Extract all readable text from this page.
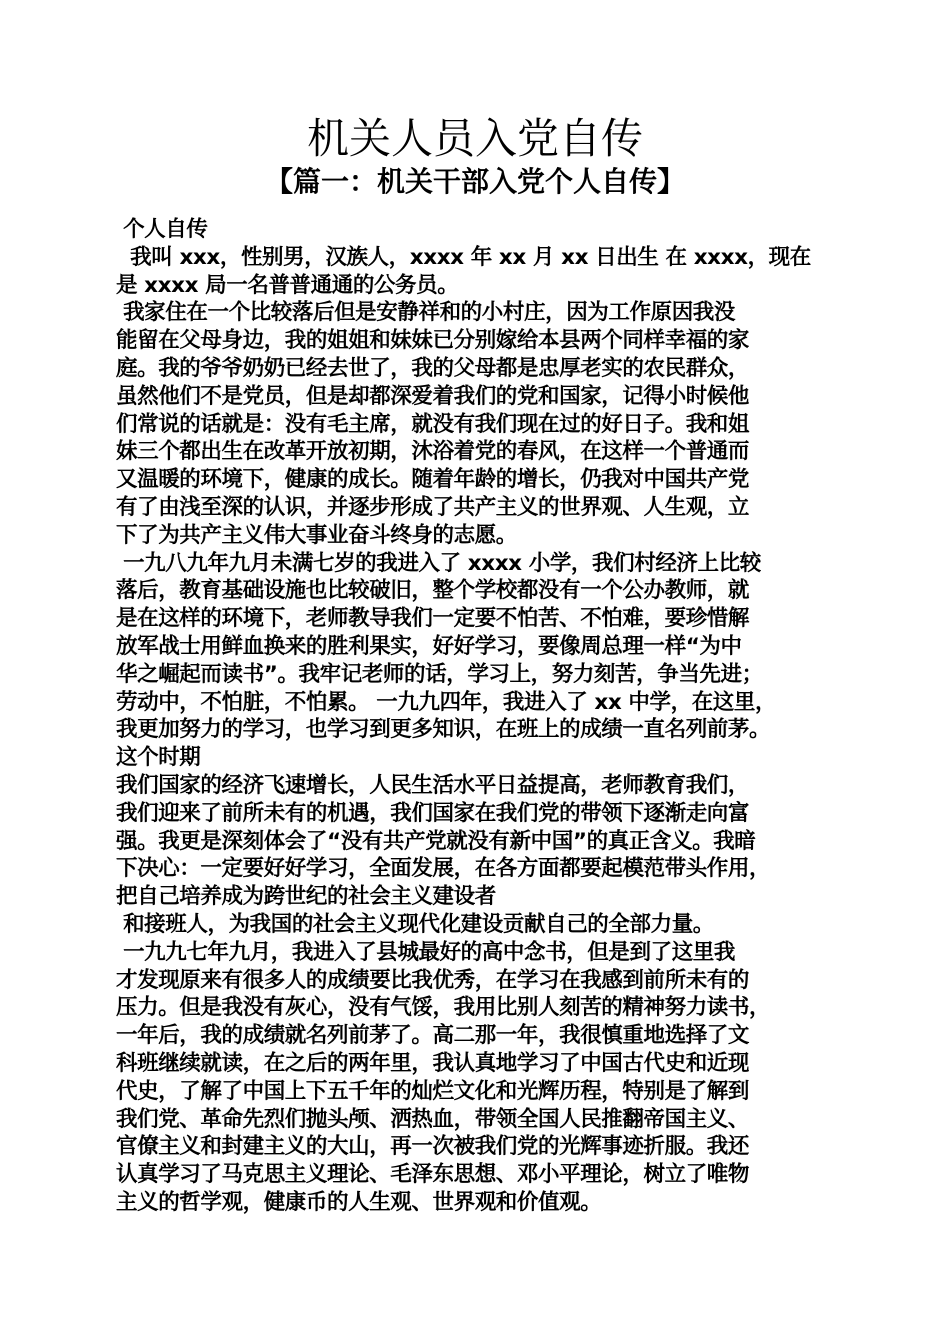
机关人员入党自传
【篇一：机关干部入党个人自传】
个人自传
我叫 xxx，性别男，汉族人，xxxx 年 xx 月 xx 日出生 在 xxxx，现在
是 xxxx 局一名普普通通的公务员。
我家住在一个比较落后但是安静祥和的小村庄，因为工作原因我没
能留在父母身边，我的姐姐和妹妹已分别嫁给本县两个同样幸福的家
庭。我的爷爷奶奶已经去世了，我的父母都是忠厚老实的农民群众，
虽然他们不是党员，但是却都深爱着我们的党和国家，记得小时候他
们常说的话就是：没有毛主席，就没有我们现在过的好日子。我和姐
妹三个都出生在改革开放初期，沐浴着党的春风，在这样一个普通而
又温暖的环境下，健康的成长。随着年龄的增长，仍我对中国共产党
有了由浅至深的认识，并逐步形成了共产主义的世界观、人生观，立
下了为共产主义伟大事业奋斗终身的志愿。
一九八九年九月未满七岁的我进入了 xxxx 小学，我们村经济上比较
落后，教育基础设施也比较破旧，整个学校都没有一个公办教师，就
是在这样的环境下，老师教导我们一定要不怕苦、不怕难，要珍惜解
放军战士用鲜血换来的胜利果实，好好学习，要像周总理一样“为中
华之崛起而读书”。我牢记老师的话，学习上，努力刻苦，争当先进；
劳动中，不怕脏，不怕累。 一九九四年，我进入了 xx 中学，在这里，
我更加努力的学习，也学习到更多知识，在班上的成绩一直名列前茅。
这个时期
我们国家的经济飞速增长，人民生活水平日益提高，老师教育我们，
我们迎来了前所未有的机遇，我们国家在我们党的带领下逐渐走向富
强。我更是深刻体会了“没有共产党就没有新中国”的真正含义。我暗
下决心：一定要好好学习，全面发展，在各方面都要起模范带头作用，
把自己培养成为跨世纪的社会主义建设者
和接班人，为我国的社会主义现代化建设贡献自己的全部力量。
一九九七年九月，我进入了县城最好的高中念书，但是到了这里我
才发现原来有很多人的成绩要比我优秀，在学习在我感到前所未有的
压力。但是我没有灰心，没有气馁，我用比别人刻苦的精神努力读书，
一年后，我的成绩就名列前茅了。高二那一年，我很慎重地选择了文
科班继续就读，在之后的两年里，我认真地学习了中国古代史和近现
代史，了解了中国上下五千年的灿烂文化和光辉历程，特别是了解到
我们党、革命先烈们抛头颅、洒热血，带领全国人民推翻帝国主义、
官僚主义和封建主义的大山，再一次被我们党的光辉事迹折服。我还
认真学习了马克思主义理论、毛泽东思想、邓小平理论，树立了唯物
主义的哲学观，健康币的人生观、世界观和价值观。
